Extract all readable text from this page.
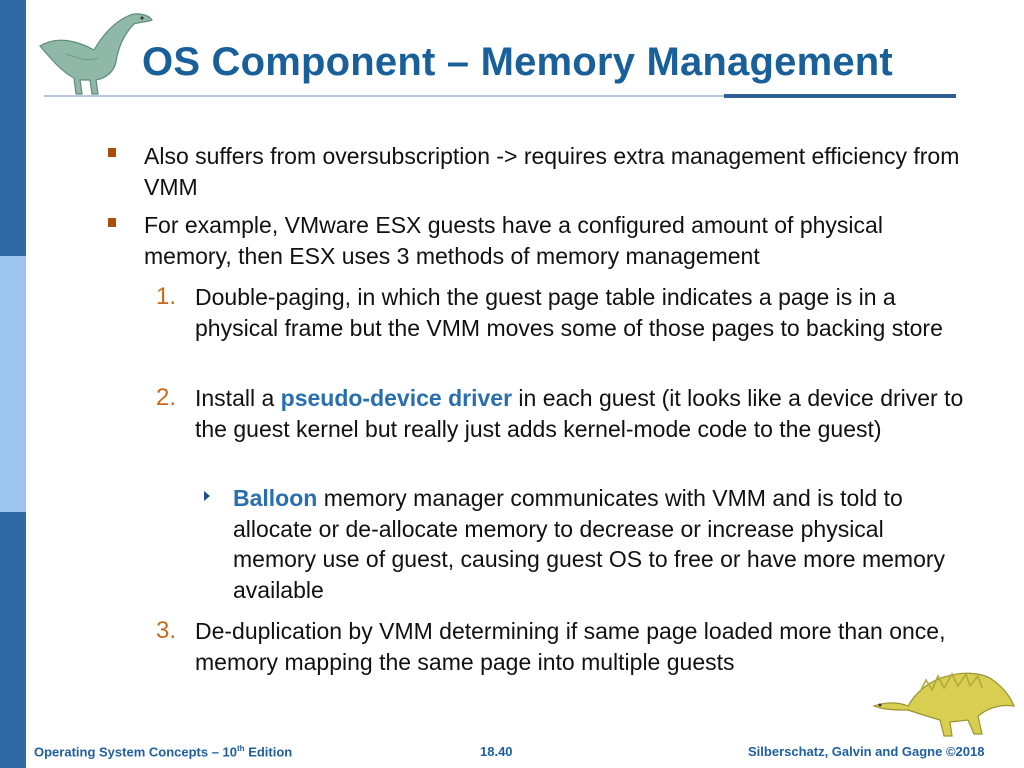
OS Component – Memory Management

Also suffers from oversubscription -> requires extra management efficiency from VMM

For example, VMware ESX guests have a configured amount of physical memory, then ESX uses 3 methods of memory management

1. Double-paging, in which the guest page table indicates a page is in a physical frame but the VMM moves some of those pages to backing store

2. Install a pseudo-device driver in each guest (it looks like a device driver to the guest kernel but really just adds kernel-mode code to the guest)

Balloon memory manager communicates with VMM and is told to allocate or de-allocate memory to decrease or increase physical memory use of guest, causing guest OS to free or have more memory available

3. De-duplication by VMM determining if same page loaded more than once, memory mapping the same page into multiple guests

Operating System Concepts – 10th Edition	18.40	Silberschatz, Galvin and Gagne ©2018
